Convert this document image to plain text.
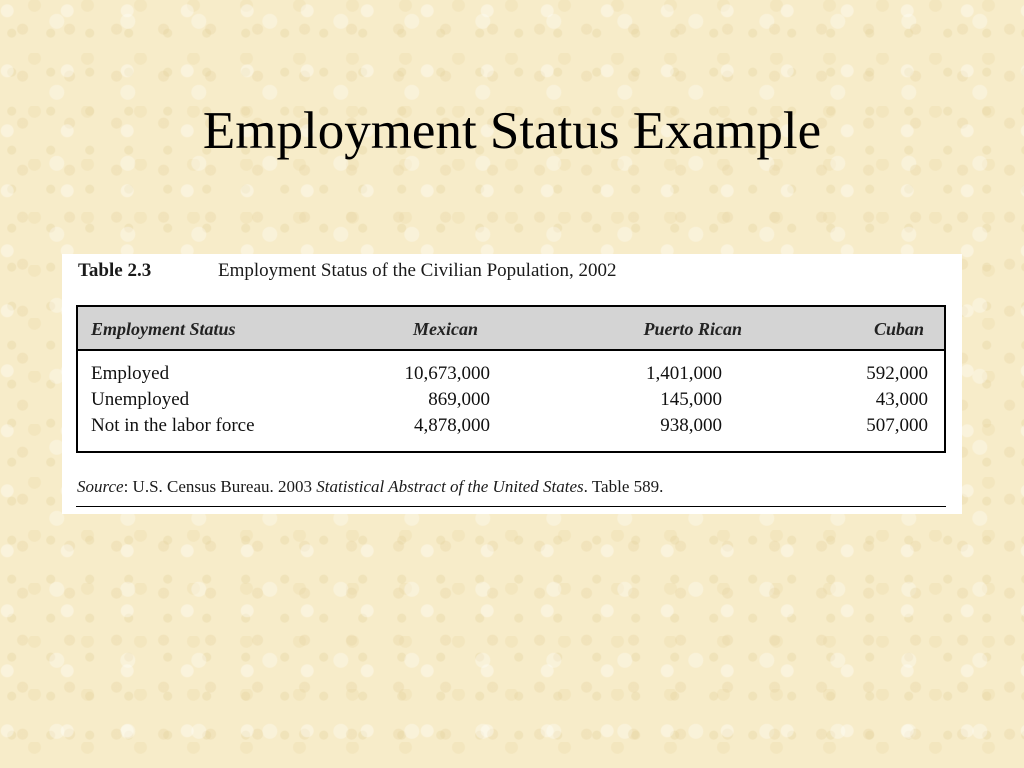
Employment Status Example
Table 2.3	Employment Status of the Civilian Population, 2002
Employment Status	Mexican	Puerto Rican	Cuban
Employed	10,673,000	1,401,000	592,000
Unemployed	869,000	145,000	43,000
Not in the labor force	4,878,000	938,000	507,000
Source: U.S. Census Bureau. 2003 Statistical Abstract of the United States. Table 589.
